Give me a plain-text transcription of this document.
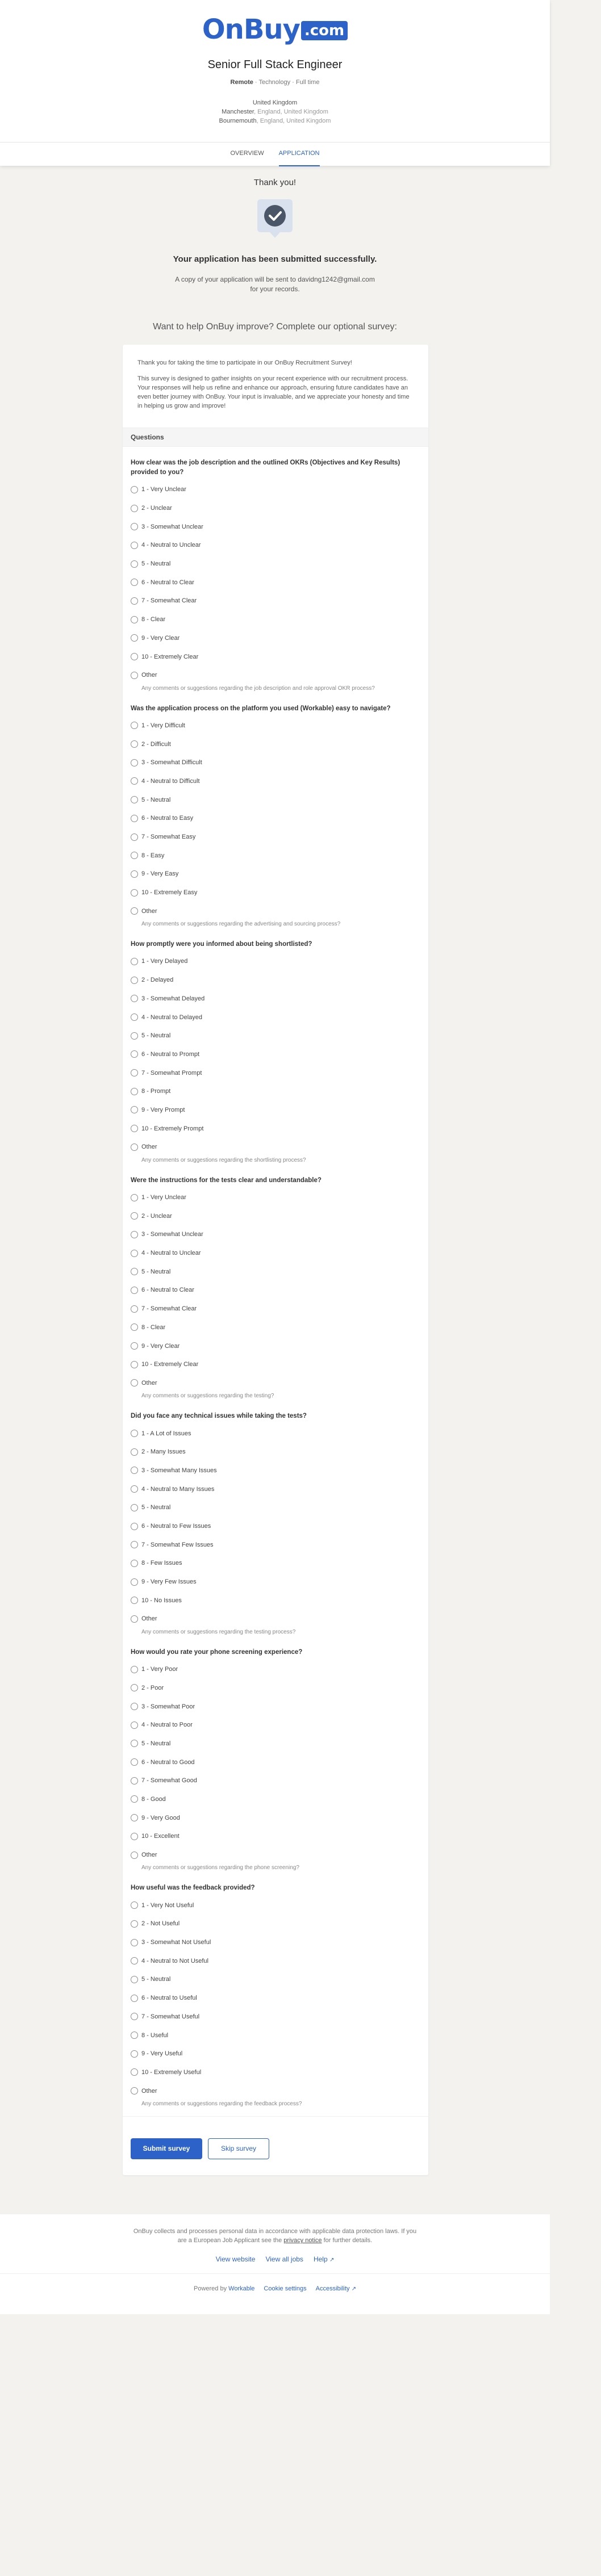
OnBuy .com
Senior Full Stack Engineer
Remote · Technology · Full time
United Kingdom
Manchester, England, United Kingdom
Bournemouth, England, United Kingdom
OVERVIEW APPLICATION
Thank you!
Your application has been submitted successfully.
A copy of your application will be sent to davidng1242@gmail.com
for your records.
Want to help OnBuy improve? Complete our optional survey:

Thank you for taking the time to participate in our OnBuy Recruitment Survey!

This survey is designed to gather insights on your recent experience with our recruitment process. Your responses will help us refine and enhance our approach, ensuring future candidates have an even better journey with OnBuy. Your input is invaluable, and we appreciate your honesty and time in helping us grow and improve!

Questions
How clear was the job description and the outlined OKRs (Objectives and Key Results) provided to you?
1 - Very Unclear
2 - Unclear
3 - Somewhat Unclear
4 - Neutral to Unclear
5 - Neutral
6 - Neutral to Clear
7 - Somewhat Clear
8 - Clear
9 - Very Clear
10 - Extremely Clear
Other
Any comments or suggestions regarding the job description and role approval OKR process?
Was the application process on the platform you used (Workable) easy to navigate?
1 - Very Difficult
2 - Difficult
3 - Somewhat Difficult
4 - Neutral to Difficult
5 - Neutral
6 - Neutral to Easy
7 - Somewhat Easy
8 - Easy
9 - Very Easy
10 - Extremely Easy
Other
Any comments or suggestions regarding the advertising and sourcing process?
How promptly were you informed about being shortlisted?
1 - Very Delayed
2 - Delayed
3 - Somewhat Delayed
4 - Neutral to Delayed
5 - Neutral
6 - Neutral to Prompt
7 - Somewhat Prompt
8 - Prompt
9 - Very Prompt
10 - Extremely Prompt
Other
Any comments or suggestions regarding the shortlisting process?
Were the instructions for the tests clear and understandable?
1 - Very Unclear
2 - Unclear
3 - Somewhat Unclear
4 - Neutral to Unclear
5 - Neutral
6 - Neutral to Clear
7 - Somewhat Clear
8 - Clear
9 - Very Clear
10 - Extremely Clear
Other
Any comments or suggestions regarding the testing?
Did you face any technical issues while taking the tests?
1 - A Lot of Issues
2 - Many Issues
3 - Somewhat Many Issues
4 - Neutral to Many Issues
5 - Neutral
6 - Neutral to Few Issues
7 - Somewhat Few Issues
8 - Few Issues
9 - Very Few Issues
10 - No Issues
Other
Any comments or suggestions regarding the testing process?
How would you rate your phone screening experience?
1 - Very Poor
2 - Poor
3 - Somewhat Poor
4 - Neutral to Poor
5 - Neutral
6 - Neutral to Good
7 - Somewhat Good
8 - Good
9 - Very Good
10 - Excellent
Other
Any comments or suggestions regarding the phone screening?
How useful was the feedback provided?
1 - Very Not Useful
2 - Not Useful
3 - Somewhat Not Useful
4 - Neutral to Not Useful
5 - Neutral
6 - Neutral to Useful
7 - Somewhat Useful
8 - Useful
9 - Very Useful
10 - Extremely Useful
Other
Any comments or suggestions regarding the feedback process?
Submit survey	Skip survey
OnBuy collects and processes personal data in accordance with applicable data protection laws. If you
are a European Job Applicant see the privacy notice for further details.
View website View all jobs Help ↗
Powered by Workable Cookie settings Accessibility ↗
